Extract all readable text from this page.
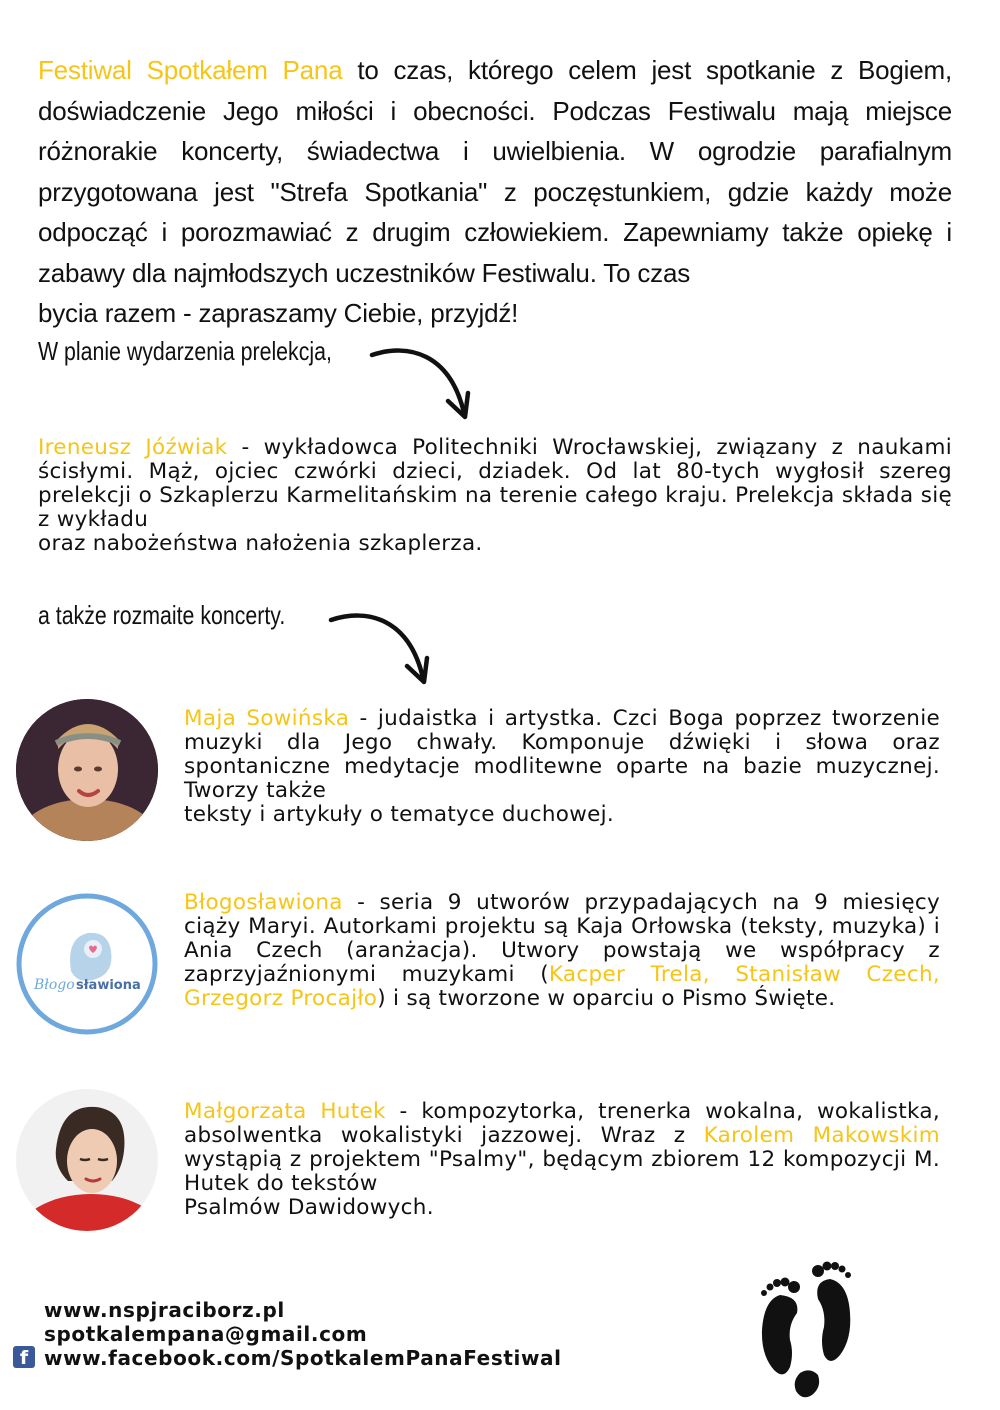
Festiwal Spotkałem Pana to czas, którego celem jest spotkanie z Bogiem, doświadczenie Jego miłości i obecności. Podczas Festiwalu mają miejsce różnorakie koncerty, świadectwa i uwielbienia. W ogrodzie parafialnym przygotowana jest "Strefa Spotkania" z poczęstunkiem, gdzie każdy może odpocząć i porozmawiać z drugim człowiekiem. Zapewniamy także opiekę i zabawy dla najmłodszych uczestników Festiwalu. To czas
bycia razem - zapraszamy Ciebie, przyjdź!
W planie wydarzenia prelekcja,
Ireneusz Jóźwiak - wykładowca Politechniki Wrocławskiej, związany z naukami ścisłymi. Mąż, ojciec czwórki dzieci, dziadek. Od lat 80-tych wygłosił szereg prelekcji o Szkaplerzu Karmelitańskim na terenie całego kraju. Prelekcja składa się z wykładu
oraz nabożeństwa nałożenia szkaplerza.
a także rozmaite koncerty.
Maja Sowińska - judaistka i artystka. Czci Boga poprzez tworzenie muzyki dla Jego chwały. Komponuje dźwięki i słowa oraz spontaniczne medytacje modlitewne oparte na bazie muzycznej. Tworzy także
teksty i artykuły o tematyce duchowej.
Błogo sławiona
Błogosławiona - seria 9 utworów przypadających na 9 miesięcy ciąży Maryi. Autorkami projektu są Kaja Orłowska (teksty, muzyka) i Ania Czech (aranżacja). Utwory powstają we współpracy z zaprzyjaźnionymi muzykami (Kacper Trela, Stanisław Czech, Grzegorz Procajło) i są tworzone w oparciu o Pismo Święte.
Małgorzata Hutek - kompozytorka, trenerka wokalna, wokalistka, absolwentka wokalistyki jazzowej. Wraz z Karolem Makowskim wystąpią z projektem "Psalmy", będącym zbiorem 12 kompozycji M. Hutek do tekstów
Psalmów Dawidowych.
www.nspjraciborz.pl
spotkalempana@gmail.com
www.facebook.com/SpotkalemPanaFestiwal
f
